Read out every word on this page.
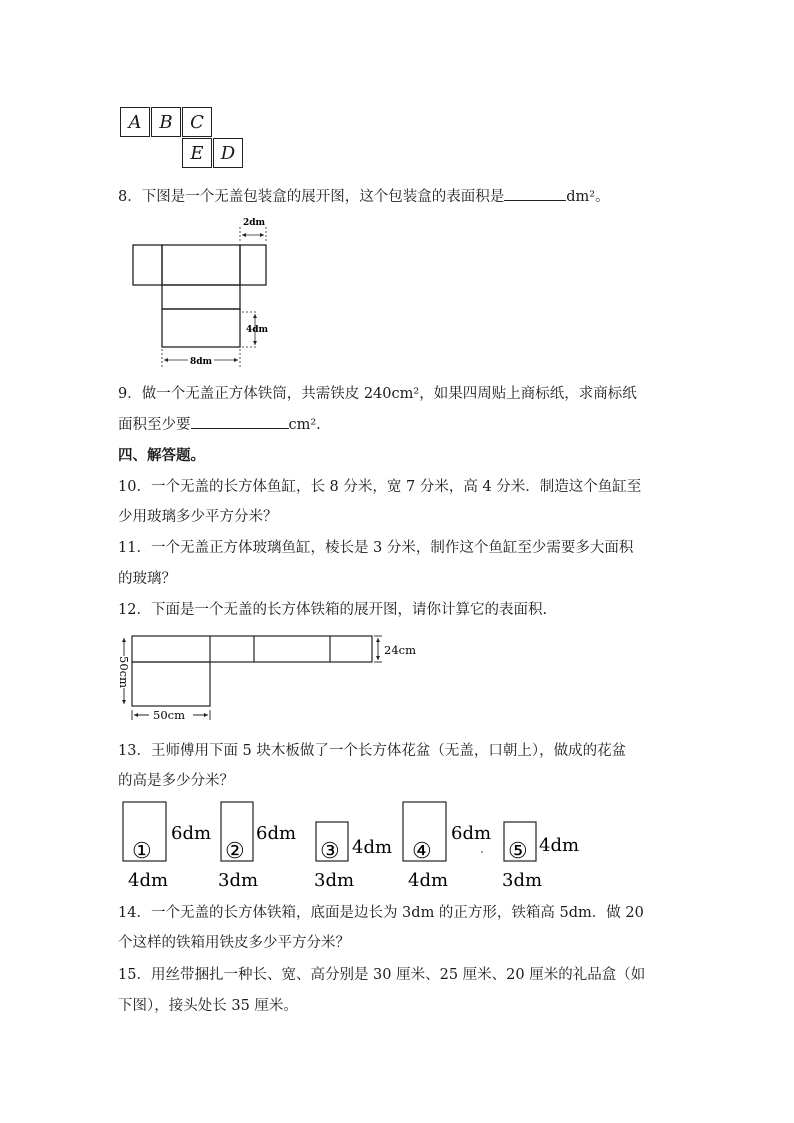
A B C
E D
8．下图是一个无盖包装盒的展开图，这个包装盒的表面积是	dm²。
2dm
4dm
8dm
9．做一个无盖正方体铁筒，共需铁皮 240cm²，如果四周贴上商标纸，求商标纸
面积至少要	cm².
四、解答题。
10．一个无盖的长方体鱼缸，长 8 分米，宽 7 分米，高 4 分米．制造这个鱼缸至
少用玻璃多少平方分米？
11．一个无盖正方体玻璃鱼缸，棱长是 3 分米，制作这个鱼缸至少需要多大面积
的玻璃？
12．下面是一个无盖的长方体铁箱的展开图，请你计算它的表面积.
24cm
50cm
50cm
13．王师傅用下面 5 块木板做了一个长方体花盆（无盖，口朝上），做成的花盆
的高是多少分米？
①
6dm
4dm
②
6dm
3dm
③ 4dm
3dm
④
6dm
4dm
⑤ 4dm
3dm
14．一个无盖的长方体铁箱，底面是边长为 3dm 的正方形，铁箱高 5dm．做 20
个这样的铁箱用铁皮多少平方分米？
15．用丝带捆扎一种长、宽、高分别是 30 厘米、25 厘米、20 厘米的礼品盒（如
下图），接头处长 35 厘米。
